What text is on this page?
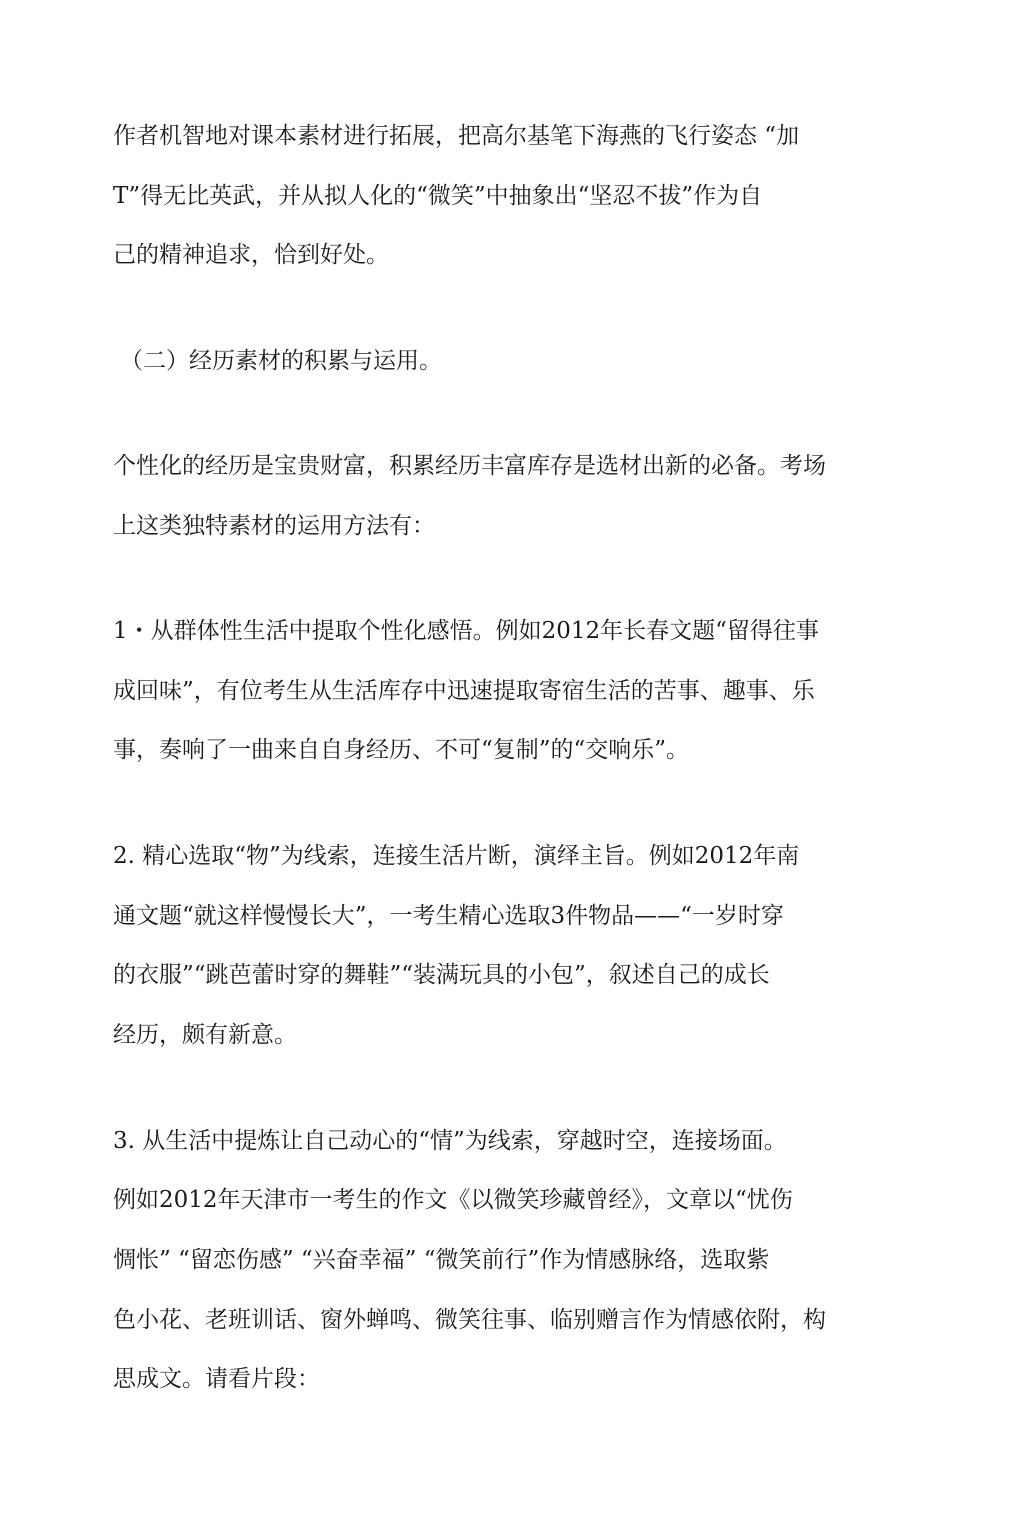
作者机智地对课本素材进行拓展，把高尔基笔下海燕的飞行姿态 “加
T”得无比英武，并从拟人化的“微笑”中抽象出“坚忍不拔”作为自
己的精神追求，恰到好处。
（二）经历素材的积累与运用。
个性化的经历是宝贵财富，积累经历丰富库存是选材出新的必备。考场
上这类独特素材的运用方法有：
1・从群体性生活中提取个性化感悟。例如2012年长春文题“留得往事
成回味”，有位考生从生活库存中迅速提取寄宿生活的苦事、趣事、乐
事，奏响了一曲来自自身经历、不可“复制”的“交响乐”。
2. 精心选取“物”为线索，连接生活片断，演绎主旨。例如2012年南
通文题“就这样慢慢长大”，一考生精心选取3件物品——“一岁时穿
的衣服”“跳芭蕾时穿的舞鞋”“装满玩具的小包”，叙述自己的成长
经历，颇有新意。
3. 从生活中提炼让自己动心的“情”为线索，穿越时空，连接场面。
例如2012年天津市一考生的作文《以微笑珍藏曾经》，文章以“忧伤
惆怅” “留恋伤感” “兴奋幸福” “微笑前行”作为情感脉络，选取紫
色小花、老班训话、窗外蝉鸣、微笑往事、临别赠言作为情感依附，构
思成文。请看片段：
